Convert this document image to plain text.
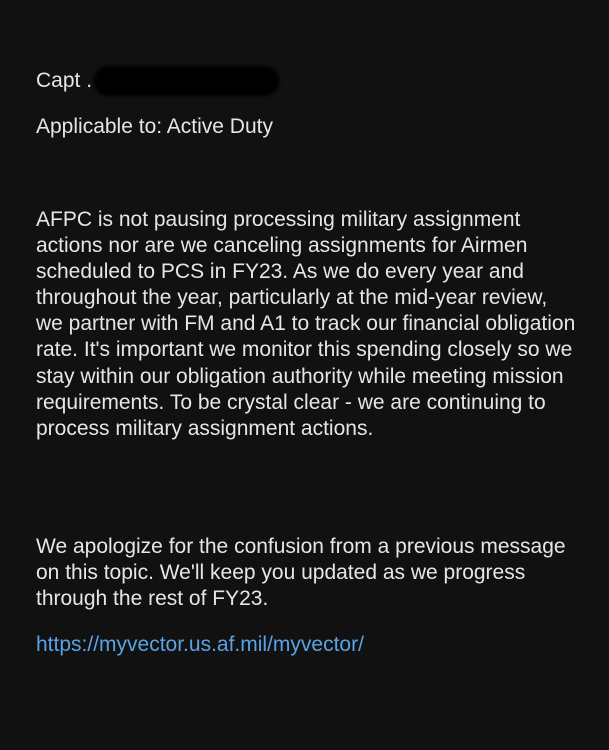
Capt .
Applicable to: Active Duty

AFPC is not pausing processing military assignment actions nor are we canceling assignments for Airmen scheduled to PCS in FY23. As we do every year and throughout the year, particularly at the mid-year review, we partner with FM and A1 to track our financial obligation rate. It's important we monitor this spending closely so we stay within our obligation authority while meeting mission requirements. To be crystal clear - we are continuing to process military assignment actions.

We apologize for the confusion from a previous message on this topic. We'll keep you updated as we progress through the rest of FY23.

https://myvector.us.af.mil/myvector/
